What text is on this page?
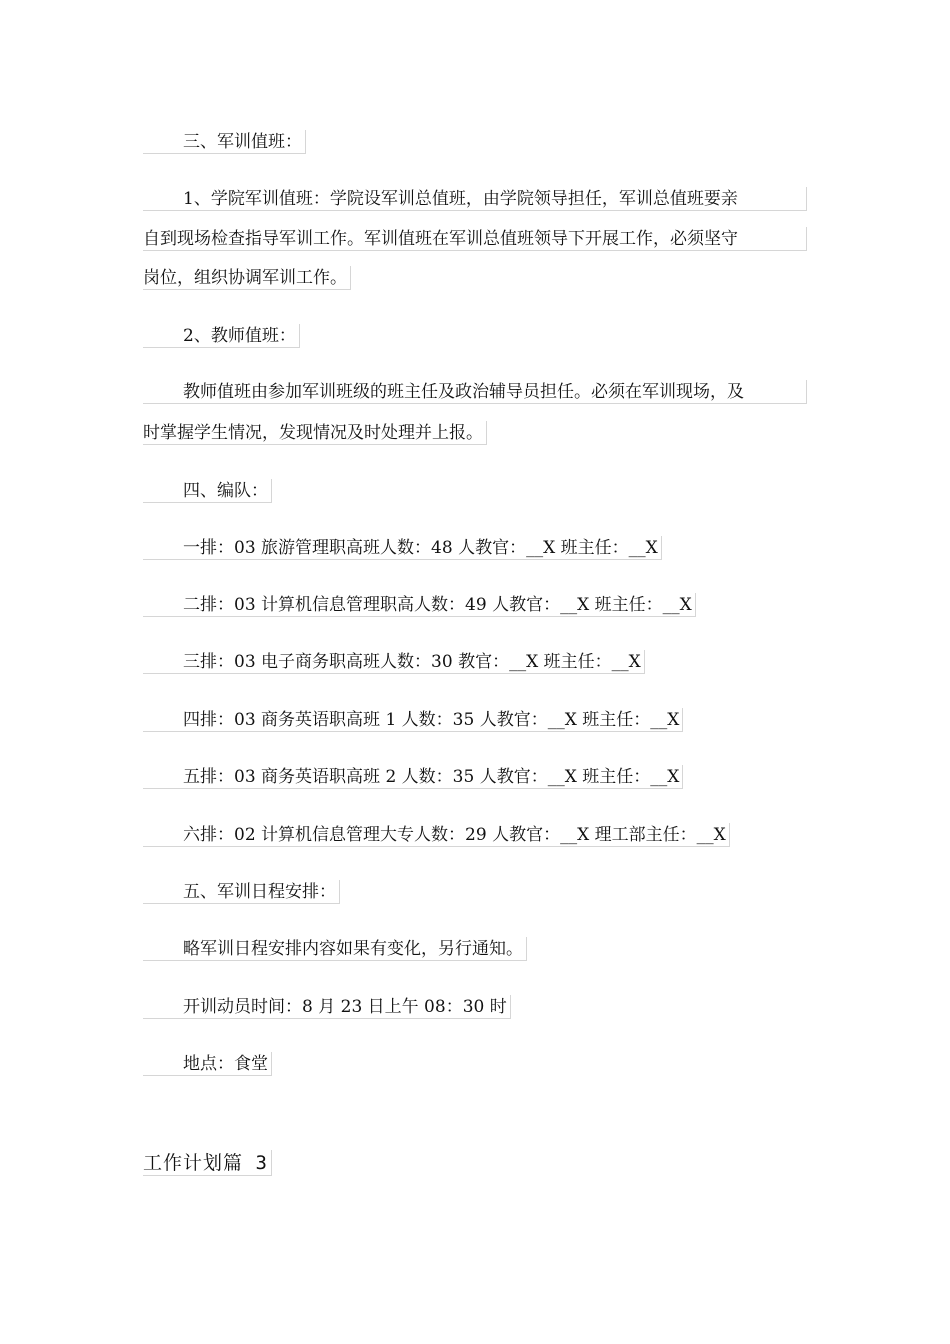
三、军训值班：
1、学院军训值班：学院设军训总值班，由学院领导担任，军训总值班要亲
自到现场检查指导军训工作。军训值班在军训总值班领导下开展工作，必须坚守
岗位，组织协调军训工作。
2、教师值班：
教师值班由参加军训班级的班主任及政治辅导员担任。必须在军训现场，及
时掌握学生情况，发现情况及时处理并上报。
四、编队：
一排：03 旅游管理职高班人数：48 人教官：__X 班主任：__X
二排：03 计算机信息管理职高人数：49 人教官：__X 班主任：__X
三排：03 电子商务职高班人数：30 教官：__X 班主任：__X
四排：03 商务英语职高班 1 人数：35 人教官：__X 班主任：__X
五排：03 商务英语职高班 2 人数：35 人教官：__X 班主任：__X
六排：02 计算机信息管理大专人数：29 人教官：__X 理工部主任：__X
五、军训日程安排：
略军训日程安排内容如果有变化，另行通知。
开训动员时间：8 月 23 日上午 08：30 时
地点：食堂
工作计划篇 3
